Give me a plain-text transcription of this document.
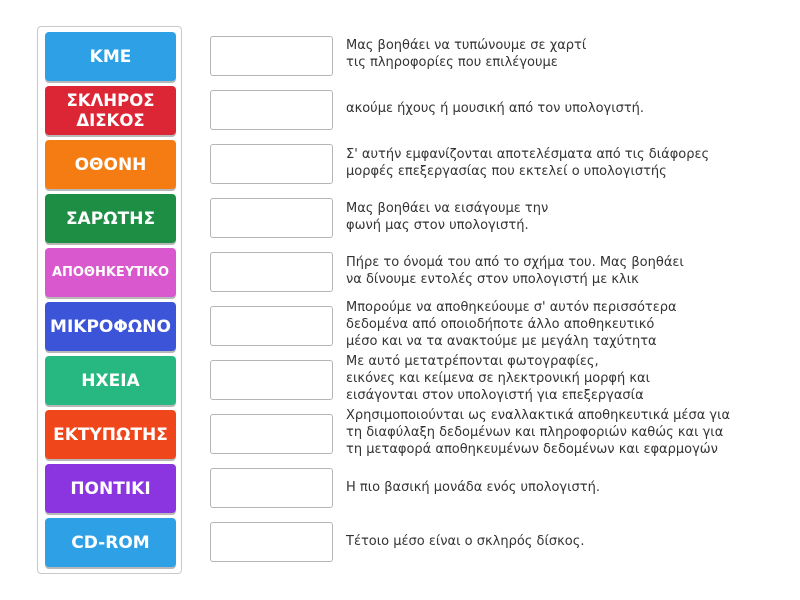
ΚΜΕ
ΣΚΛΗΡΟΣ
ΔΙΣΚΟΣ
ΟΘΟΝΗ
ΣΑΡΩΤΗΣ
ΑΠΟΘΗΚΕΥΤΙΚΟ
ΜΙΚΡΟΦΩΝΟ
ΗΧΕΙΑ
ΕΚΤΥΠΩΤΗΣ
ΠΟΝΤΙΚΙ
CD-ROM
Μας βοηθάει να τυπώνουμε σε χαρτί
τις πληροφορίες που επιλέγουμε
ακούμε ήχους ή μουσική από τον υπολογιστή.
Σ' αυτήν εμφανίζονται αποτελέσματα από τις διάφορες
μορφές επεξεργασίας που εκτελεί ο υπολογιστής
Μας βοηθάει να εισάγουμε την
φωνή μας στον υπολογιστή.
Πήρε το όνομά του από το σχήμα του. Μας βοηθάει
να δίνουμε εντολές στον υπολογιστή με κλικ
Μπορούμε να αποθηκεύουμε σ' αυτόν περισσότερα
δεδομένα από οποιοδήποτε άλλο αποθηκευτικό
μέσο και να τα ανακτούμε με μεγάλη ταχύτητα
Με αυτό μετατρέπονται φωτογραφίες,
εικόνες και κείμενα σε ηλεκτρονική μορφή και
εισάγονται στον υπολογιστή για επεξεργασία
Χρησιμοποιούνται ως εναλλακτικά αποθηκευτικά μέσα για
τη διαφύλαξη δεδομένων και πληροφοριών καθώς και για
τη μεταφορά αποθηκευμένων δεδομένων και εφαρμογών
Η πιο βασική μονάδα ενός υπολογιστή.
Τέτοιο μέσο είναι ο σκληρός δίσκος.
